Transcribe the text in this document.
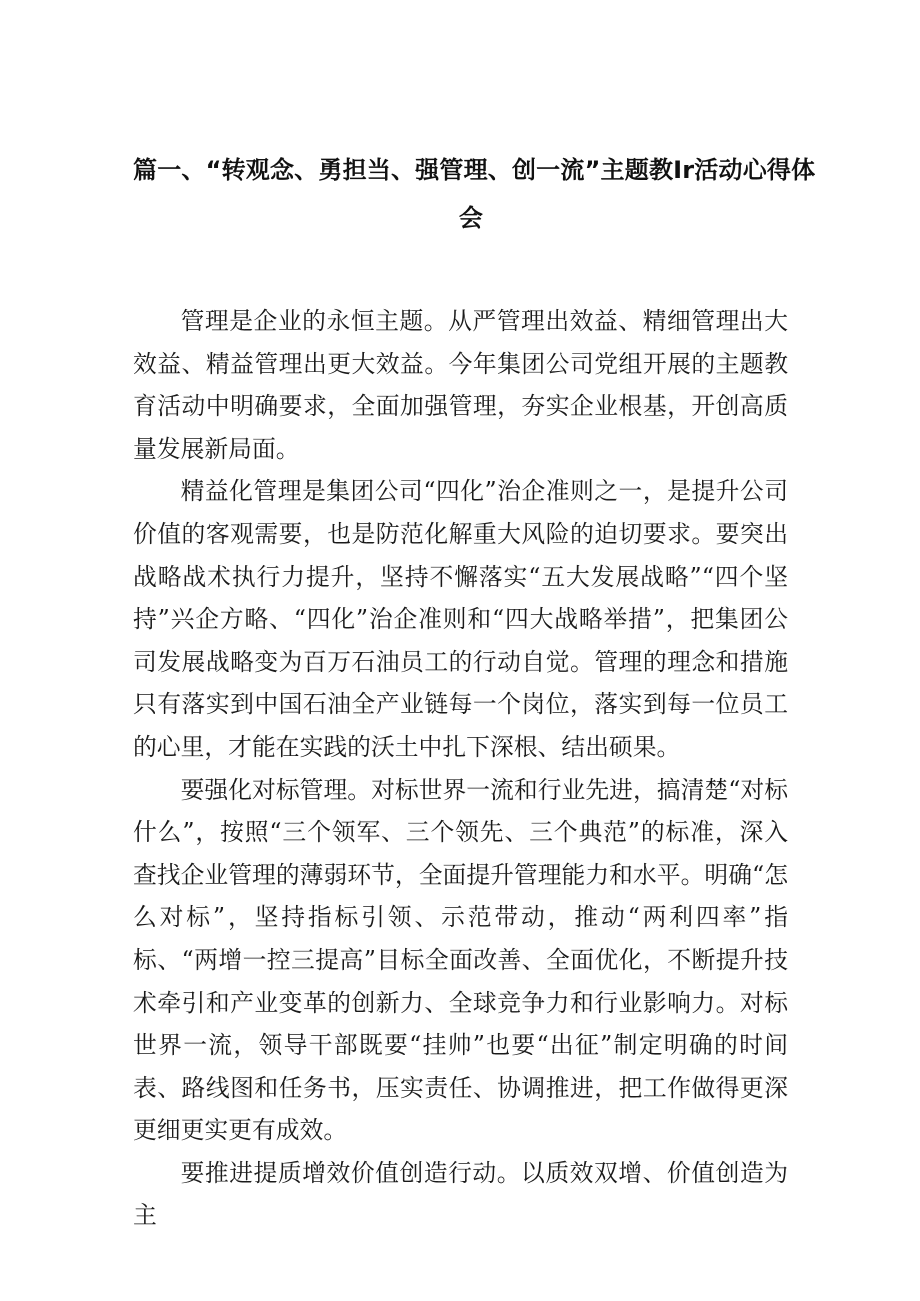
篇一、“转观念、勇担当、强管理、创一流”主题教Ir活动心得体
会

管理是企业的永恒主题。从严管理出效益、精细管理出大效益、精益管理出更大效益。今年集团公司党组开展的主题教育活动中明确要求，全面加强管理，夯实企业根基，开创高质量发展新局面。

精益化管理是集团公司“四化”治企准则之一，是提升公司价值的客观需要，也是防范化解重大风险的迫切要求。要突出战略战术执行力提升，坚持不懈落实“五大发展战略”“四个坚持”兴企方略、“四化”治企准则和“四大战略举措”，把集团公司发展战略变为百万石油员工的行动自觉。管理的理念和措施只有落实到中国石油全产业链每一个岗位，落实到每一位员工的心里，才能在实践的沃土中扎下深根、结出硕果。

要强化对标管理。对标世界一流和行业先进，搞清楚“对标什么”，按照“三个领军、三个领先、三个典范”的标准，深入查找企业管理的薄弱环节，全面提升管理能力和水平。明确“怎么对标”，坚持指标引领、示范带动，推动“两利四率”指标、“两增一控三提高”目标全面改善、全面优化，不断提升技术牵引和产业变革的创新力、全球竞争力和行业影响力。对标世界一流，领导干部既要“挂帅”也要“出征”制定明确的时间表、路线图和任务书，压实责任、协调推进，把工作做得更深更细更实更有成效。

要推进提质增效价值创造行动。以质效双增、价值创造为主
